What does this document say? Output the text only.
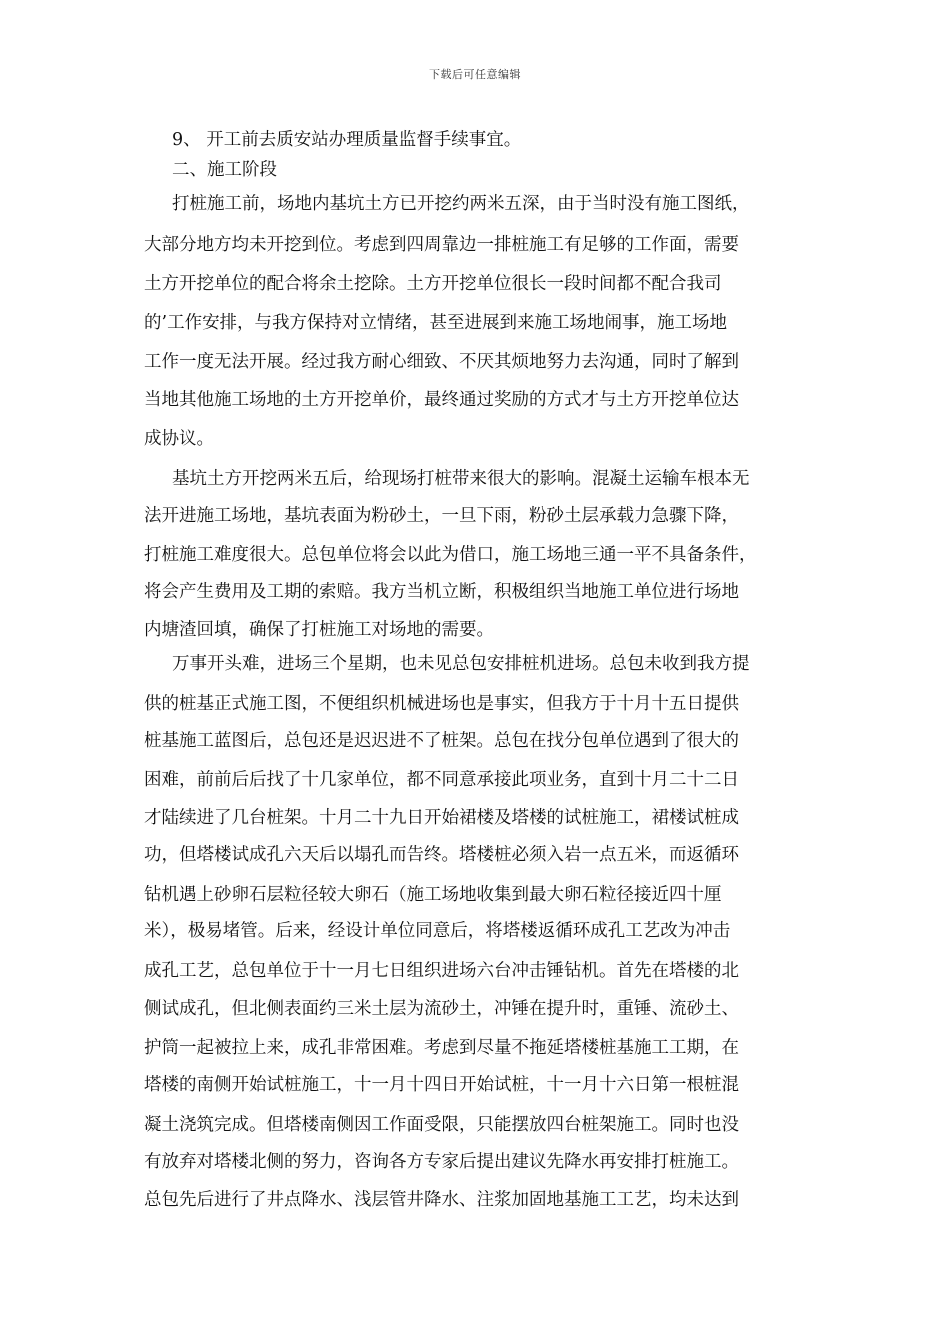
下载后可任意编辑
9、 开工前去质安站办理质量监督手续事宜。
二、施工阶段
打桩施工前，场地内基坑土方已开挖约两米五深，由于当时没有施工图纸，
大部分地方均未开挖到位。考虑到四周靠边一排桩施工有足够的工作面，需要
土方开挖单位的配合将余土挖除。土方开挖单位很长一段时间都不配合我司
的’工作安排，与我方保持对立情绪，甚至进展到来施工场地闹事，施工场地
工作一度无法开展。经过我方耐心细致、不厌其烦地努力去沟通，同时了解到
当地其他施工场地的土方开挖单价，最终通过奖励的方式才与土方开挖单位达
成协议。
基坑土方开挖两米五后，给现场打桩带来很大的影响。混凝土运输车根本无
法开进施工场地，基坑表面为粉砂土，一旦下雨，粉砂土层承载力急骤下降，
打桩施工难度很大。总包单位将会以此为借口，施工场地三通一平不具备条件，
将会产生费用及工期的索赔。我方当机立断，积极组织当地施工单位进行场地
内塘渣回填，确保了打桩施工对场地的需要。
万事开头难，进场三个星期，也未见总包安排桩机进场。总包未收到我方提
供的桩基正式施工图，不便组织机械进场也是事实，但我方于十月十五日提供
桩基施工蓝图后，总包还是迟迟进不了桩架。总包在找分包单位遇到了很大的
困难，前前后后找了十几家单位，都不同意承接此项业务，直到十月二十二日
才陆续进了几台桩架。十月二十九日开始裙楼及塔楼的试桩施工，裙楼试桩成
功，但塔楼试成孔六天后以塌孔而告终。塔楼桩必须入岩一点五米，而返循环
钻机遇上砂卵石层粒径较大卵石（施工场地收集到最大卵石粒径接近四十厘
米），极易堵管。后来，经设计单位同意后，将塔楼返循环成孔工艺改为冲击
成孔工艺，总包单位于十一月七日组织进场六台冲击锤钻机。首先在塔楼的北
侧试成孔，但北侧表面约三米土层为流砂土，冲锤在提升时，重锤、流砂土、
护筒一起被拉上来，成孔非常困难。考虑到尽量不拖延塔楼桩基施工工期，在
塔楼的南侧开始试桩施工，十一月十四日开始试桩，十一月十六日第一根桩混
凝土浇筑完成。但塔楼南侧因工作面受限，只能摆放四台桩架施工。同时也没
有放弃对塔楼北侧的努力，咨询各方专家后提出建议先降水再安排打桩施工。
总包先后进行了井点降水、浅层管井降水、注浆加固地基施工工艺，均未达到
